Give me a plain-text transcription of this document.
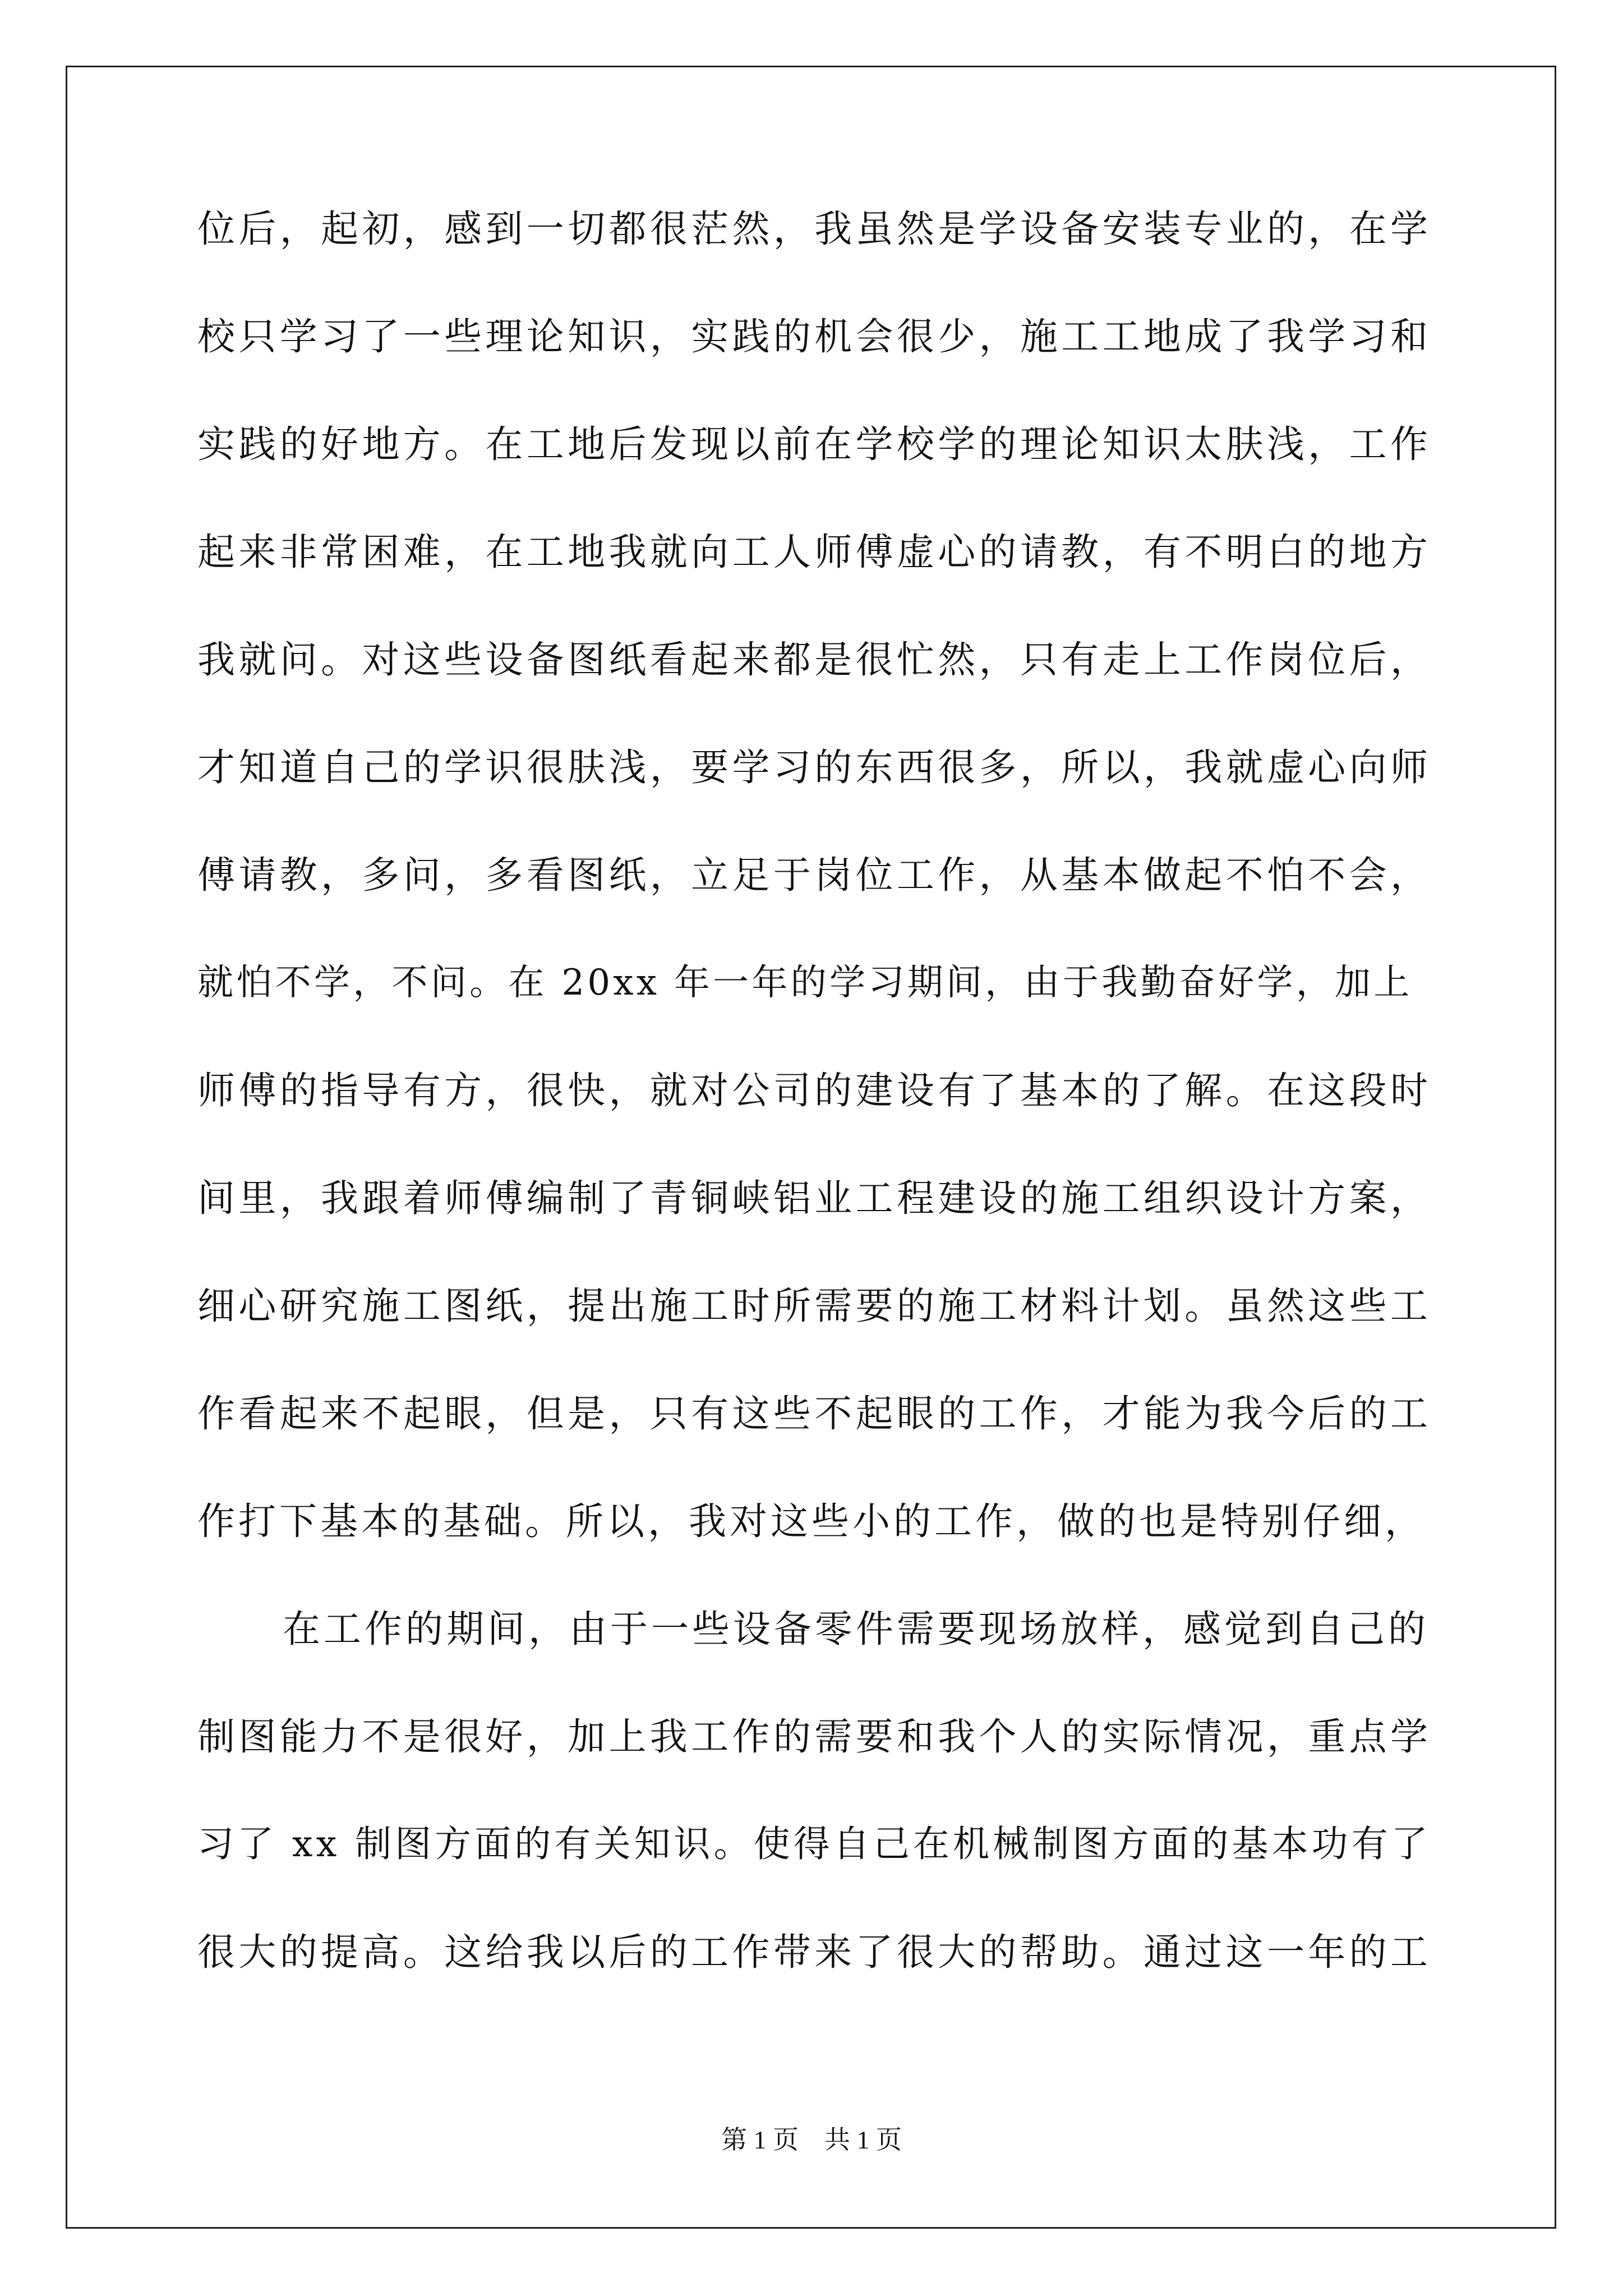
位后，起初，感到一切都很茫然，我虽然是学设备安装专业的，在学
校只学习了一些理论知识，实践的机会很少，施工工地成了我学习和
实践的好地方。在工地后发现以前在学校学的理论知识太肤浅，工作
起来非常困难，在工地我就向工人师傅虚心的请教，有不明白的地方
我就问。对这些设备图纸看起来都是很忙然，只有走上工作岗位后，
才知道自己的学识很肤浅，要学习的东西很多，所以，我就虚心向师
傅请教，多问，多看图纸，立足于岗位工作，从基本做起不怕不会，
就怕不学，不问。在 20xx 年一年的学习期间，由于我勤奋好学，加上
师傅的指导有方，很快，就对公司的建设有了基本的了解。在这段时
间里，我跟着师傅编制了青铜峡铝业工程建设的施工组织设计方案，
细心研究施工图纸，提出施工时所需要的施工材料计划。虽然这些工
作看起来不起眼，但是，只有这些不起眼的工作，才能为我今后的工
作打下基本的基础。所以，我对这些小的工作，做的也是特别仔细，
在工作的期间，由于一些设备零件需要现场放样，感觉到自己的
制图能力不是很好，加上我工作的需要和我个人的实际情况，重点学
习了 xx 制图方面的有关知识。使得自己在机械制图方面的基本功有了
很大的提高。这给我以后的工作带来了很大的帮助。通过这一年的工
第 1 页　共 1 页
